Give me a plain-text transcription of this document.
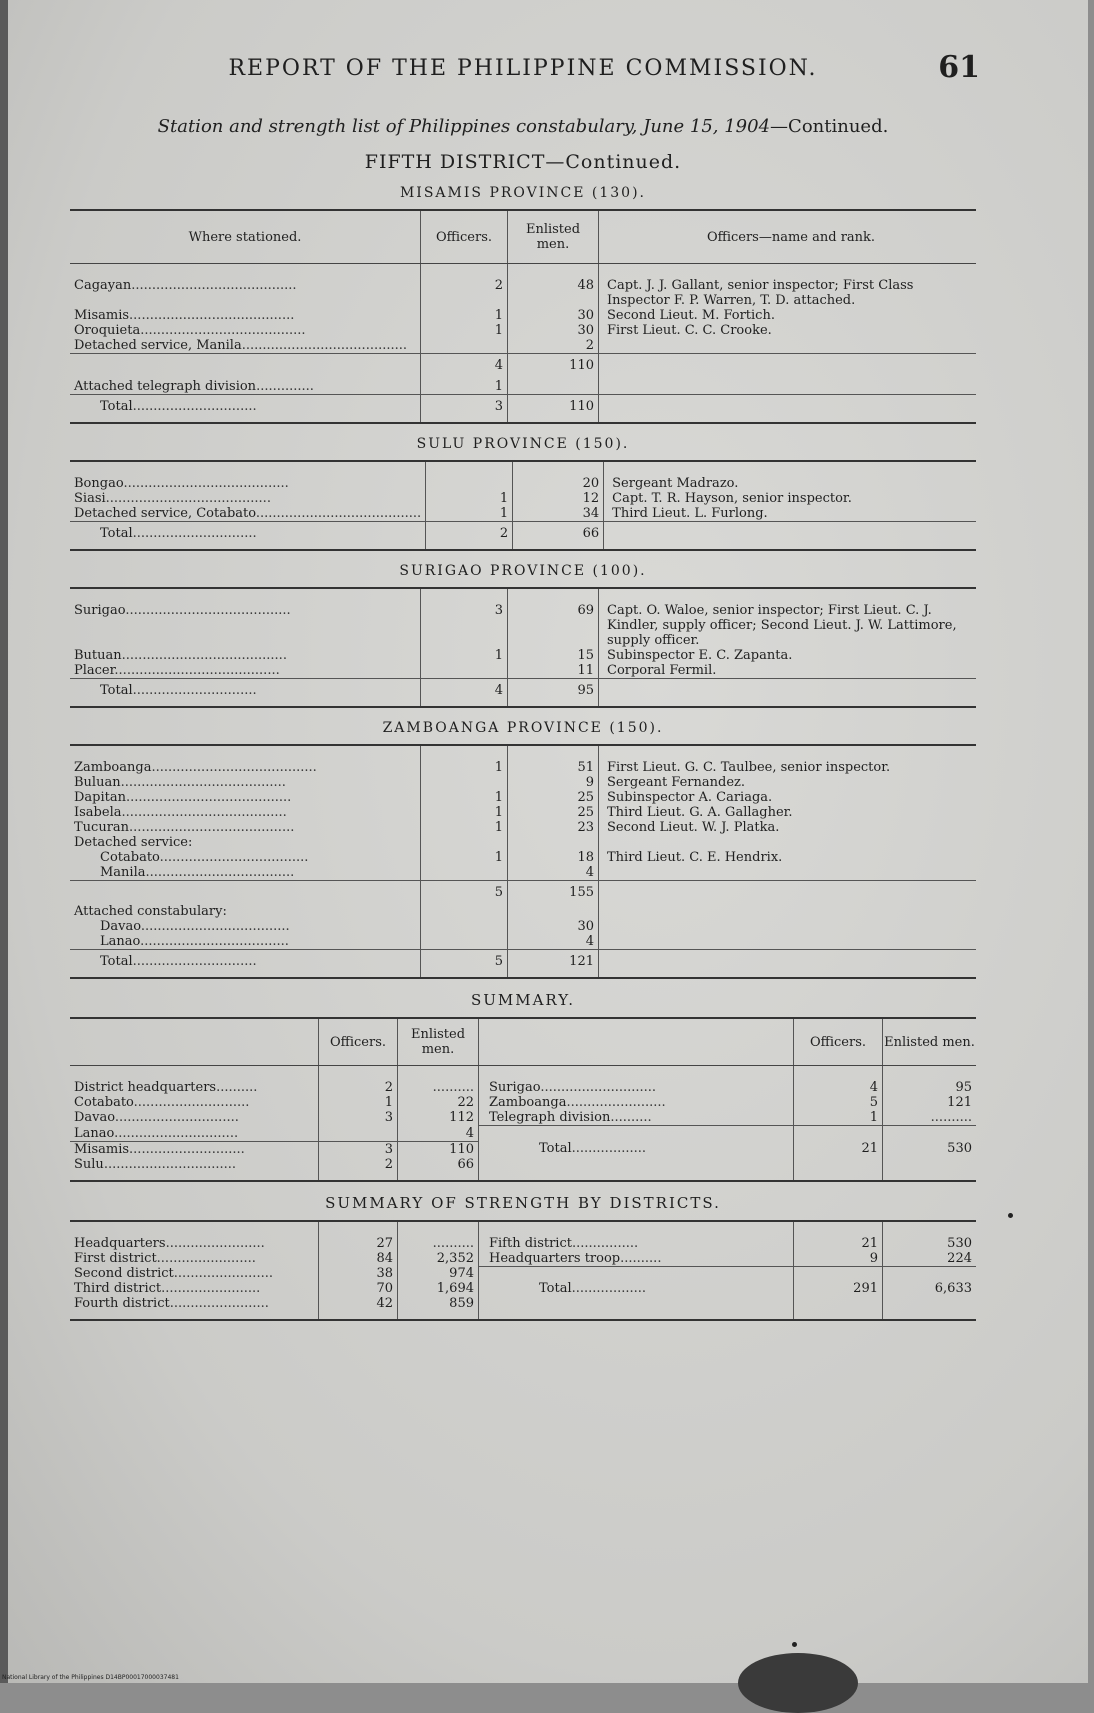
REPORT OF THE PHILIPPINE COMMISSION.	61
Station and strength list of Philippines constabulary, June 15, 1904—Continued.
FIFTH DISTRICT—Continued.
MISAMIS PROVINCE (130).
Where stationed.	Officers.	Enlisted men.	Officers—name and rank.
Cagayan........................................	2	48	Capt. J. J. Gallant, senior inspector; First Class Inspector F. P. Warren, T. D. attached.
Misamis........................................	1	30	Second Lieut. M. Fortich.
Oroquieta........................................	1	30	First Lieut. C. C. Crooke.
Detached service, Manila........................................		2	
	4	110	
Attached telegraph division..............	1		
Total..............................	3	110	
SULU PROVINCE (150).
Bongao........................................		20	Sergeant Madrazo.
Siasi........................................	1	12	Capt. T. R. Hayson, senior inspector.
Detached service, Cotabato........................................	1	34	Third Lieut. L. Furlong.
Total..............................	2	66	
SURIGAO PROVINCE (100).
Surigao........................................	3	69	Capt. O. Waloe, senior inspector; First Lieut. C. J. Kindler, supply officer; Second Lieut. J. W. Lattimore, supply officer.
Butuan........................................	1	15	Subinspector E. C. Zapanta.
Placer........................................		11	Corporal Fermil.
Total..............................	4	95	
ZAMBOANGA PROVINCE (150).
Zamboanga........................................	1	51	First Lieut. G. C. Taulbee, senior inspector.
Buluan........................................		9	Sergeant Fernandez.
Dapitan........................................	1	25	Subinspector A. Cariaga.
Isabela........................................	1	25	Third Lieut. G. A. Gallagher.
Tucuran........................................	1	23	Second Lieut. W. J. Platka.
Detached service:			
Cotabato....................................	1	18	Third Lieut. C. E. Hendrix.
Manila....................................		4	
	5	155	
Attached constabulary:			
Davao....................................		30	
Lanao....................................		4	
Total..............................	5	121	
SUMMARY.
	Officers.	Enlisted men.		Officers.	Enlisted men.
District headquarters..........	2	..........	Surigao............................	4	95
Cotabato............................	1	22	Zamboanga........................	5	121
Davao..............................	3	112	Telegraph division..........	1	..........
Lanao..............................		4			
Misamis............................	3	110	Total..................	21	530
Sulu................................	2	66			
SUMMARY OF STRENGTH BY DISTRICTS.
Headquarters........................	27	..........	Fifth district................	21	530
First district........................	84	2,352	Headquarters troop..........	9	224
Second district........................	38	974			
Third district........................	70	1,694	Total..................	291	6,633
Fourth district........................	42	859			
National Library of the Philippines D14BP00017000037481
